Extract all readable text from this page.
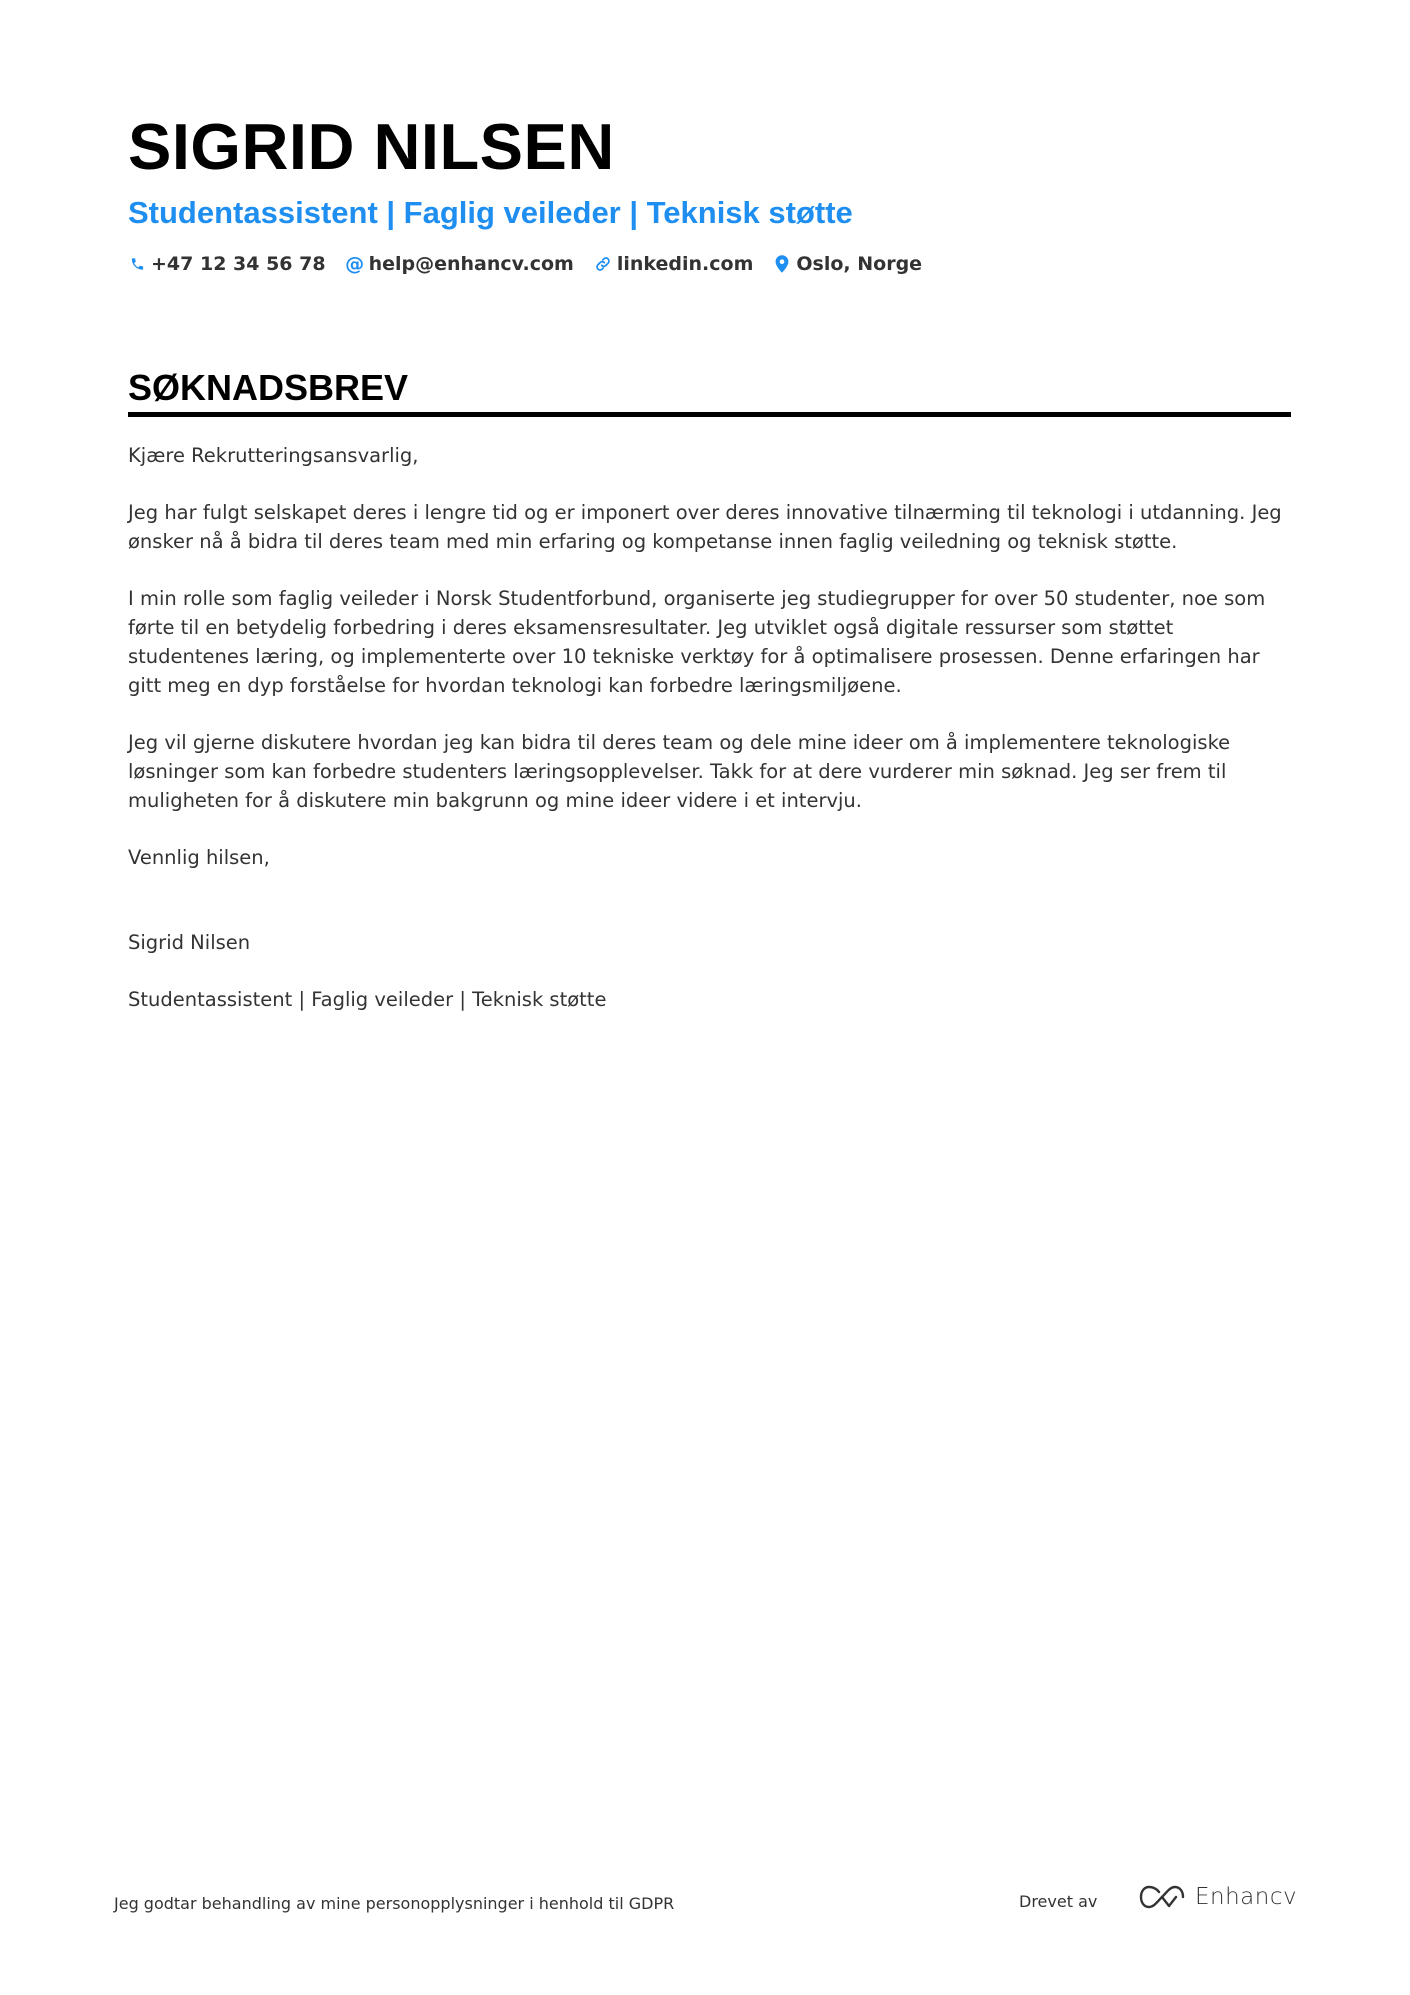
SIGRID NILSEN
Studentassistent | Faglig veileder | Teknisk støtte
+47 12 34 56 78 @ help@enhancv.com linkedin.com Oslo, Norge
SØKNADSBREV

Kjære Rekrutteringsansvarlig,

Jeg har fulgt selskapet deres i lengre tid og er imponert over deres innovative tilnærming til teknologi i utdanning. Jeg ønsker nå å bidra til deres team med min erfaring og kompetanse innen faglig veiledning og teknisk støtte.

I min rolle som faglig veileder i Norsk Studentforbund, organiserte jeg studiegrupper for over 50 studenter, noe som førte til en betydelig forbedring i deres eksamensresultater. Jeg utviklet også digitale ressurser som støttet studentenes læring, og implementerte over 10 tekniske verktøy for å optimalisere prosessen. Denne erfaringen har gitt meg en dyp forståelse for hvordan teknologi kan forbedre læringsmiljøene.

Jeg vil gjerne diskutere hvordan jeg kan bidra til deres team og dele mine ideer om å implementere teknologiske løsninger som kan forbedre studenters læringsopplevelser. Takk for at dere vurderer min søknad. Jeg ser frem til muligheten for å diskutere min bakgrunn og mine ideer videre i et intervju.

Vennlig hilsen,

Sigrid Nilsen

Studentassistent | Faglig veileder | Teknisk støtte

Jeg godtar behandling av mine personopplysninger i henhold til GDPR	Drevet av	Enhancv
